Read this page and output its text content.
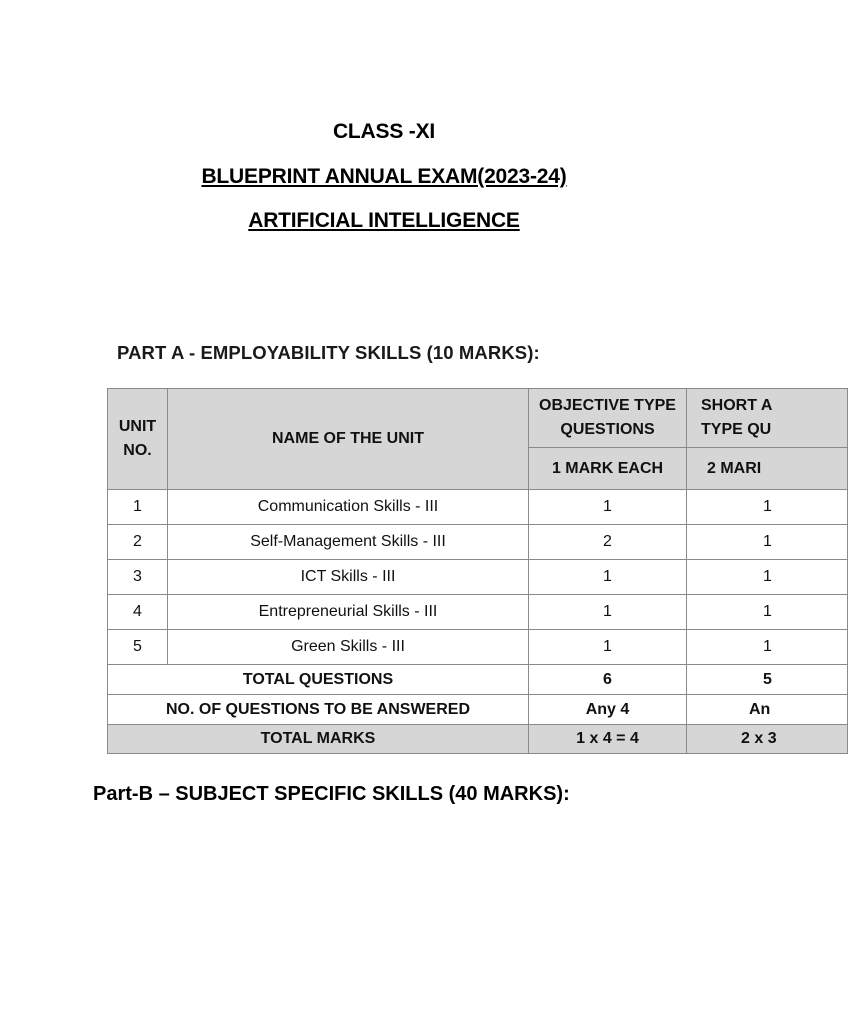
CLASS -XI
BLUEPRINT ANNUAL EXAM(2023-24)
ARTIFICIAL INTELLIGENCE
PART A - EMPLOYABILITY SKILLS (10 MARKS):
UNIT NO.	NAME OF THE UNIT	OBJECTIVE TYPE QUESTIONS	SHORT A TYPE QU

		1 MARK EACH	2 MARI
1	Communication Skills - III	1	1
2	Self-Management Skills - III	2	1
3	ICT Skills - III	1	1
4	Entrepreneurial Skills - III	1	1
5	Green Skills - III	1	1
TOTAL QUESTIONS		6	5
NO. OF QUESTIONS TO BE ANSWERED		Any 4	An
TOTAL MARKS		1 x 4 = 4	2 x 3
Part-B – SUBJECT SPECIFIC SKILLS (40 MARKS):
